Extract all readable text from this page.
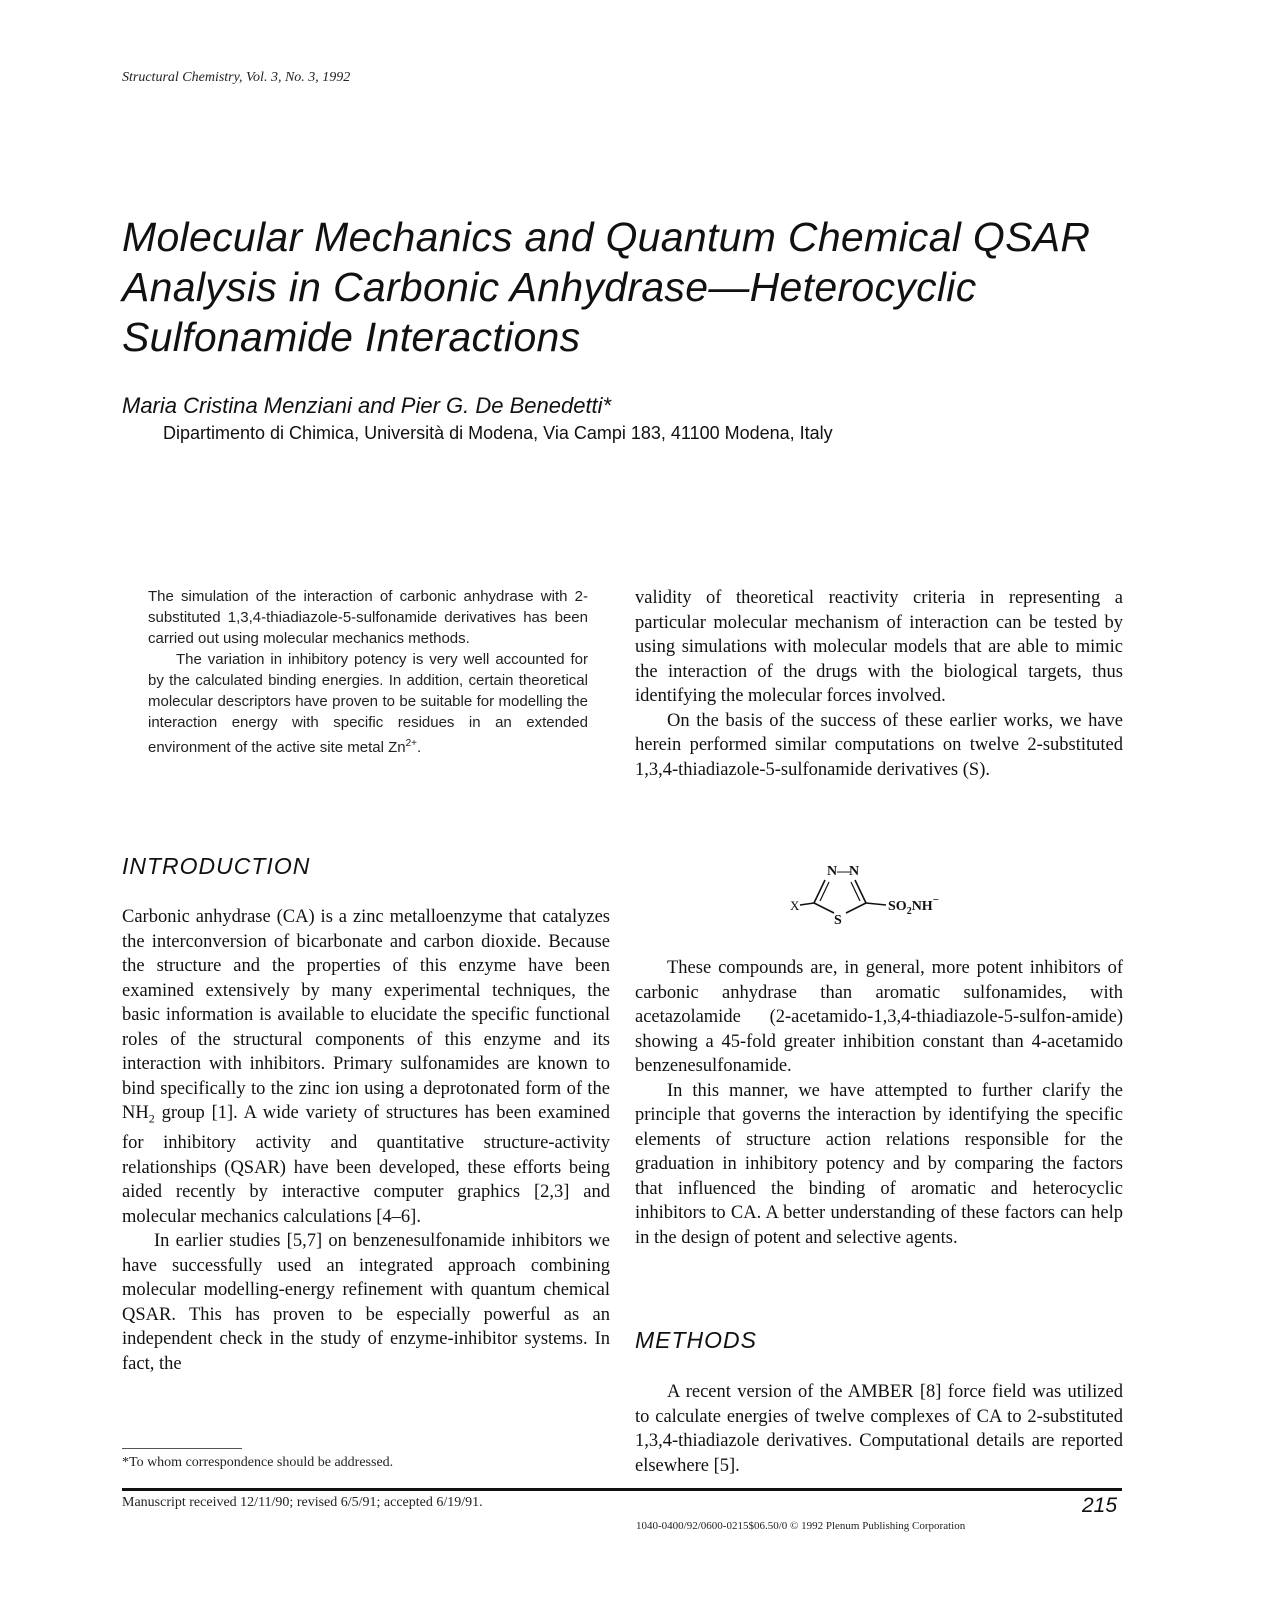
Structural Chemistry, Vol. 3, No. 3, 1992
Molecular Mechanics and Quantum Chemical QSAR
Analysis in Carbonic Anhydrase—Heterocyclic
Sulfonamide Interactions
Maria Cristina Menziani and Pier G. De Benedetti*
Dipartimento di Chimica, Università di Modena, Via Campi 183, 41100 Modena, Italy

The simulation of the interaction of carbonic anhydrase with 2-substituted 1,3,4-thiadiazole-5-sulfonamide derivatives has been carried out using molecular mechanics methods.

The variation in inhibitory potency is very well accounted for by the calculated binding energies. In addition, certain theoretical molecular descriptors have proven to be suitable for modelling the interaction energy with specific residues in an extended environment of the active site metal $Zn^{2+}$.

INTRODUCTION

Carbonic anhydrase (CA) is a zinc metalloenzyme that catalyzes the interconversion of bicarbonate and carbon dioxide. Because the structure and the properties of this enzyme have been examined extensively by many experimental techniques, the basic information is available to elucidate the specific functional roles of the structural components of this enzyme and its interaction with inhibitors. Primary sulfonamides are known to bind specifically to the zinc ion using a deprotonated form of the $NH_2$ group [1]. A wide variety of structures has been examined for inhibitory activity and quantitative structure-activity relationships (QSAR) have been developed, these efforts being aided recently by interactive computer graphics [2,3] and molecular mechanics calculations [4–6].

In earlier studies [5,7] on benzenesulfonamide inhibitors we have successfully used an integrated approach combining molecular modelling-energy refinement with quantum chemical QSAR. This has proven to be especially powerful as an independent check in the study of enzyme-inhibitor systems. In fact, the

validity of theoretical reactivity criteria in representing a particular molecular mechanism of interaction can be tested by using simulations with molecular models that are able to mimic the interaction of the drugs with the biological targets, thus identifying the molecular forces involved.

On the basis of the success of these earlier works, we have herein performed similar computations on twelve 2-substituted 1,3,4-thiadiazole-5-sulfonamide derivatives (S).

N —
N
X
S
$SO_2NH^-$

These compounds are, in general, more potent inhibitors of carbonic anhydrase than aromatic sulfonamides, with acetazolamide (2-acetamido-1,3,4-thiadiazole-5-sulfon-amide) showing a 45-fold greater inhibition constant than 4-acetamido benzenesulfonamide.

In this manner, we have attempted to further clarify the principle that governs the interaction by identifying the specific elements of structure action relations responsible for the graduation in inhibitory potency and by comparing the factors that influenced the binding of aromatic and heterocyclic inhibitors to CA. A better understanding of these factors can help in the design of potent and selective agents.

METHODS

A recent version of the AMBER [8] force field was utilized to calculate energies of twelve complexes of CA to 2-substituted 1,3,4-thiadiazole derivatives. Computational details are reported elsewhere [5].

*To whom correspondence should be addressed.
Manuscript received 12/11/90; revised 6/5/91; accepted 6/19/91.	215
1040-0400/92/0600-0215$06.50/0 © 1992 Plenum Publishing Corporation
